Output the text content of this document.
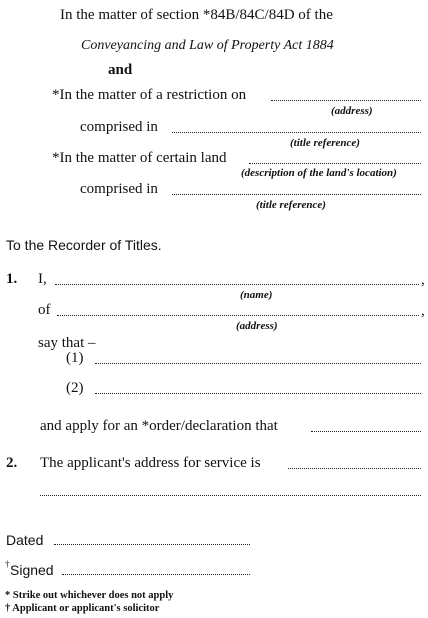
In the matter of section *84B/84C/84D of the
Conveyancing and Law of Property Act 1884
and
*In the matter of a restriction on
(address)
comprised in
(title reference)
*In the matter of certain land
(description of the land's location)
comprised in
(title reference)
To the Recorder of Titles.
1. I,	,
(name)
of	,
(address)
say that –
(1)
(2)
and apply for an *order/declaration that
2. The applicant's address for service is
Dated
† Signed
* Strike out whichever does not apply
† Applicant or applicant's solicitor
